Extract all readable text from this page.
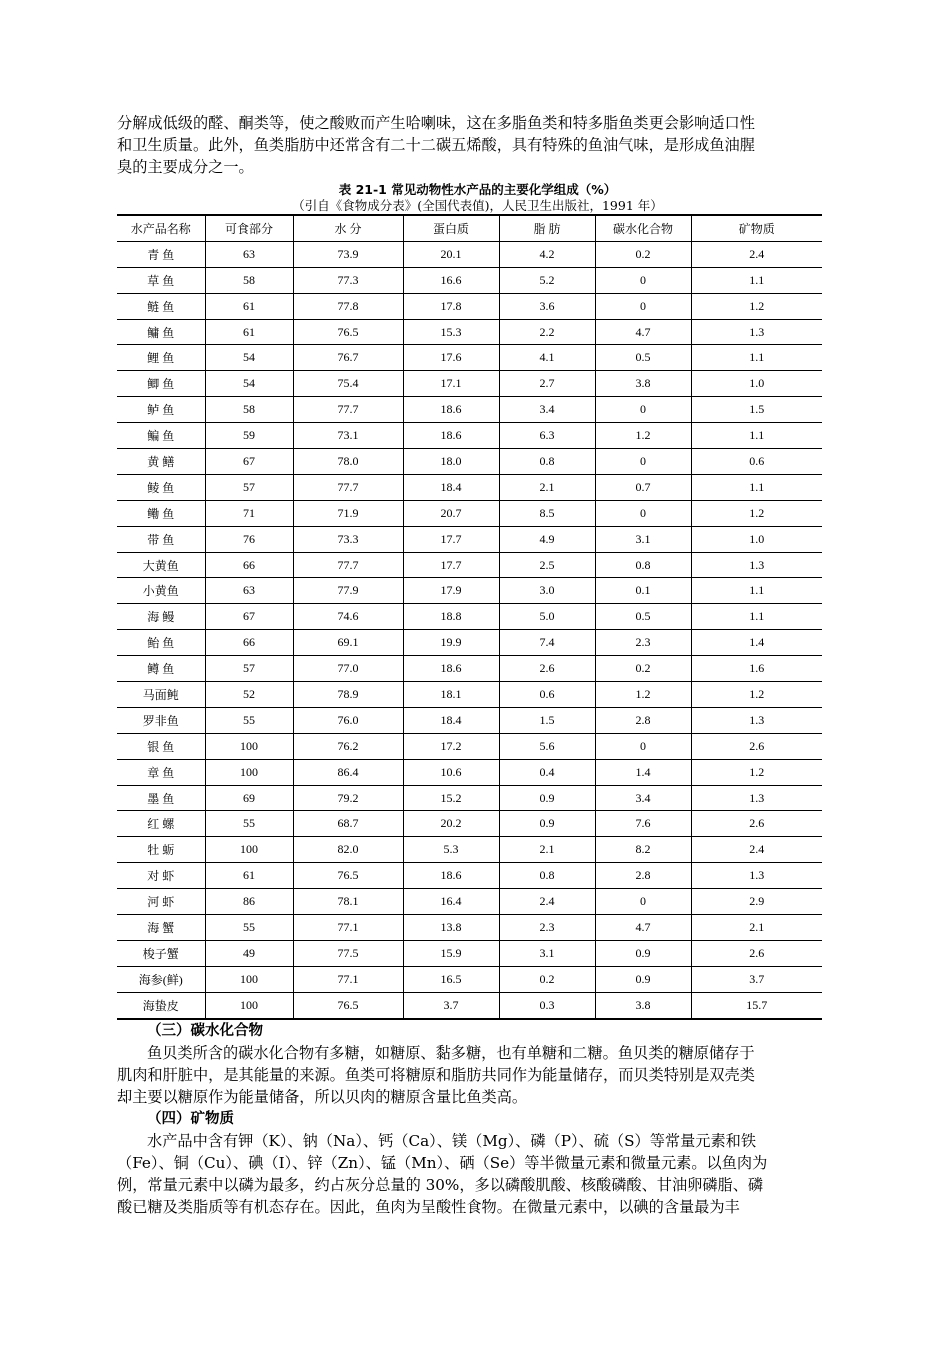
分解成低级的醛、酮类等，使之酸败而产生哈喇味，这在多脂鱼类和特多脂鱼类更会影响适口性
和卫生质量。此外，鱼类脂肪中还常含有二十二碳五烯酸，具有特殊的鱼油气味，是形成鱼油腥
臭的主要成分之一。

表 21-1 常见动物性水产品的主要化学组成（%）
（引自《食物成分表》(全国代表值)，人民卫生出版社，1991 年）
水产品名称	可食部分	水 分	蛋白质	脂 肪	碳水化合物	矿物质
青 鱼	63	73.9	20.1	4.2	0.2	2.4
草 鱼	58	77.3	16.6	5.2	0	1.1
鲢 鱼	61	77.8	17.8	3.6	0	1.2
鳙 鱼	61	76.5	15.3	2.2	4.7	1.3
鲤 鱼	54	76.7	17.6	4.1	0.5	1.1
鲫 鱼	54	75.4	17.1	2.7	3.8	1.0
鲈 鱼	58	77.7	18.6	3.4	0	1.5
鳊 鱼	59	73.1	18.6	6.3	1.2	1.1
黄 鳝	67	78.0	18.0	0.8	0	0.6
鲮 鱼	57	77.7	18.4	2.1	0.7	1.1
鳓 鱼	71	71.9	20.7	8.5	0	1.2
带 鱼	76	73.3	17.7	4.9	3.1	1.0
大黄鱼	66	77.7	17.7	2.5	0.8	1.3
小黄鱼	63	77.9	17.9	3.0	0.1	1.1
海 鳗	67	74.6	18.8	5.0	0.5	1.1
鲐 鱼	66	69.1	19.9	7.4	2.3	1.4
鳟 鱼	57	77.0	18.6	2.6	0.2	1.6
马面鲀	52	78.9	18.1	0.6	1.2	1.2
罗非鱼	55	76.0	18.4	1.5	2.8	1.3
银 鱼	100	76.2	17.2	5.6	0	2.6
章 鱼	100	86.4	10.6	0.4	1.4	1.2
墨 鱼	69	79.2	15.2	0.9	3.4	1.3
红 螺	55	68.7	20.2	0.9	7.6	2.6
牡 蛎	100	82.0	5.3	2.1	8.2	2.4
对 虾	61	76.5	18.6	0.8	2.8	1.3
河 虾	86	78.1	16.4	2.4	0	2.9
海 蟹	55	77.1	13.8	2.3	4.7	2.1
梭子蟹	49	77.5	15.9	3.1	0.9	2.6
海参(鲜)	100	77.1	16.5	0.2	0.9	3.7
海蛰皮	100	76.5	3.7	0.3	3.8	15.7

（三）碳水化合物

鱼贝类所含的碳水化合物有多糖，如糖原、黏多糖，也有单糖和二糖。鱼贝类的糖原储存于
肌肉和肝脏中，是其能量的来源。鱼类可将糖原和脂肪共同作为能量储存，而贝类特别是双壳类
却主要以糖原作为能量储备，所以贝肉的糖原含量比鱼类高。

（四）矿物质

水产品中含有钾（K）、钠（Na）、钙（Ca）、镁（Mg）、磷（P）、硫（S）等常量元素和铁
（Fe）、铜（Cu）、碘（I）、锌（Zn）、锰（Mn）、硒（Se）等半微量元素和微量元素。以鱼肉为
例，常量元素中以磷为最多，约占灰分总量的 30%，多以磷酸肌酸、核酸磷酸、甘油卵磷脂、磷
酸已糖及类脂质等有机态存在。因此，鱼肉为呈酸性食物。在微量元素中，以碘的含量最为丰
